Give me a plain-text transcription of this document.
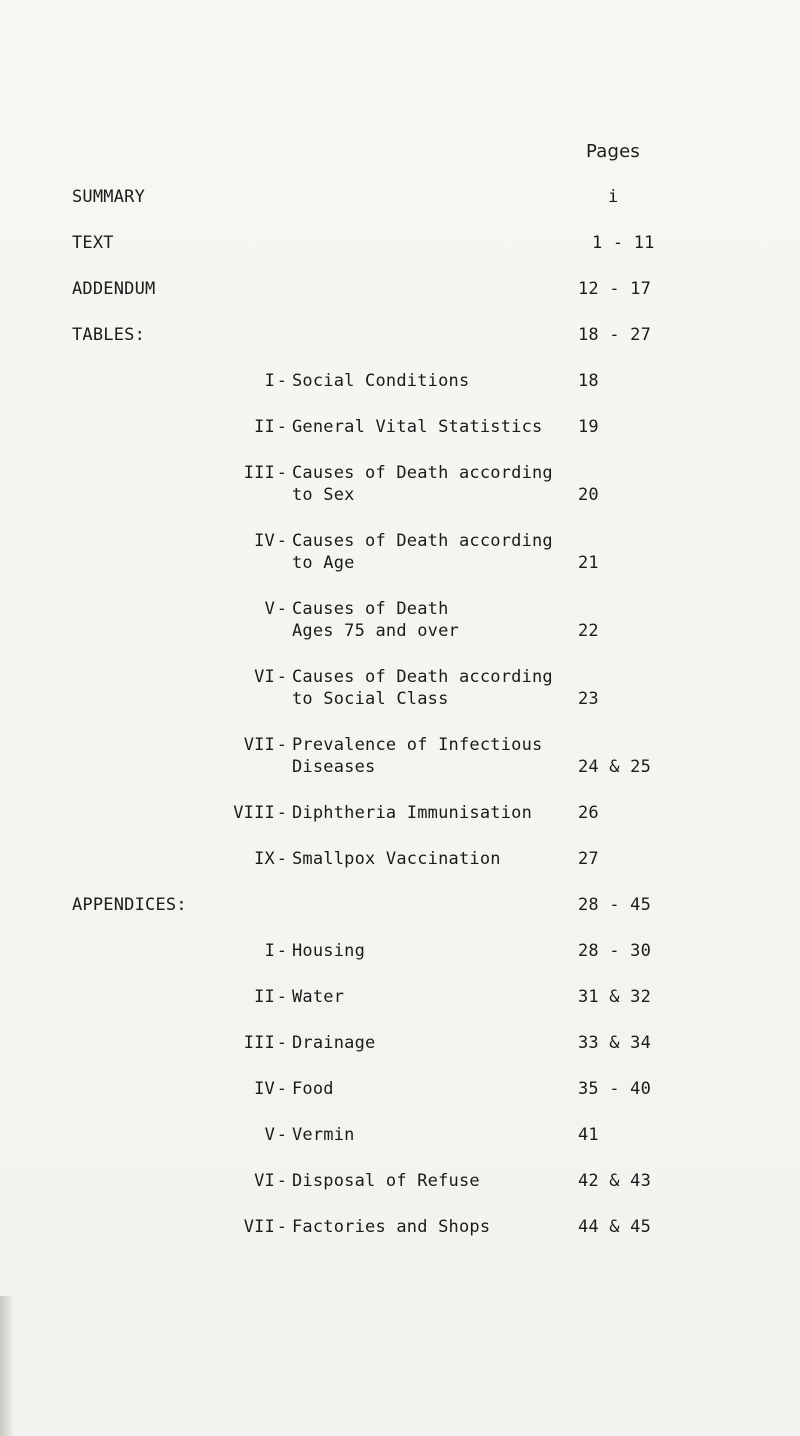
Pages
SUMMARY	i
TEXT	1 - 11
ADDENDUM	12 - 17
TABLES:	18 - 27
I - Social Conditions	18
II - General Vital Statistics 19
III - Causes of Death according
to Sex	20
IV - Causes of Death according
to Age	21
V - Causes of Death
Ages 75 and over	22
VI - Causes of Death according
to Social Class	23
VII - Prevalence of Infectious
Diseases	24 & 25
VIII - Diphtheria Immunisation	26
IX - Smallpox Vaccination	27
APPENDICES:	28 - 45
I - Housing	28 - 30
II - Water	31 & 32
III - Drainage	33 & 34
IV - Food	35 - 40
V - Vermin	41
VI - Disposal of Refuse	42 & 43
VII - Factories and Shops	44 & 45
